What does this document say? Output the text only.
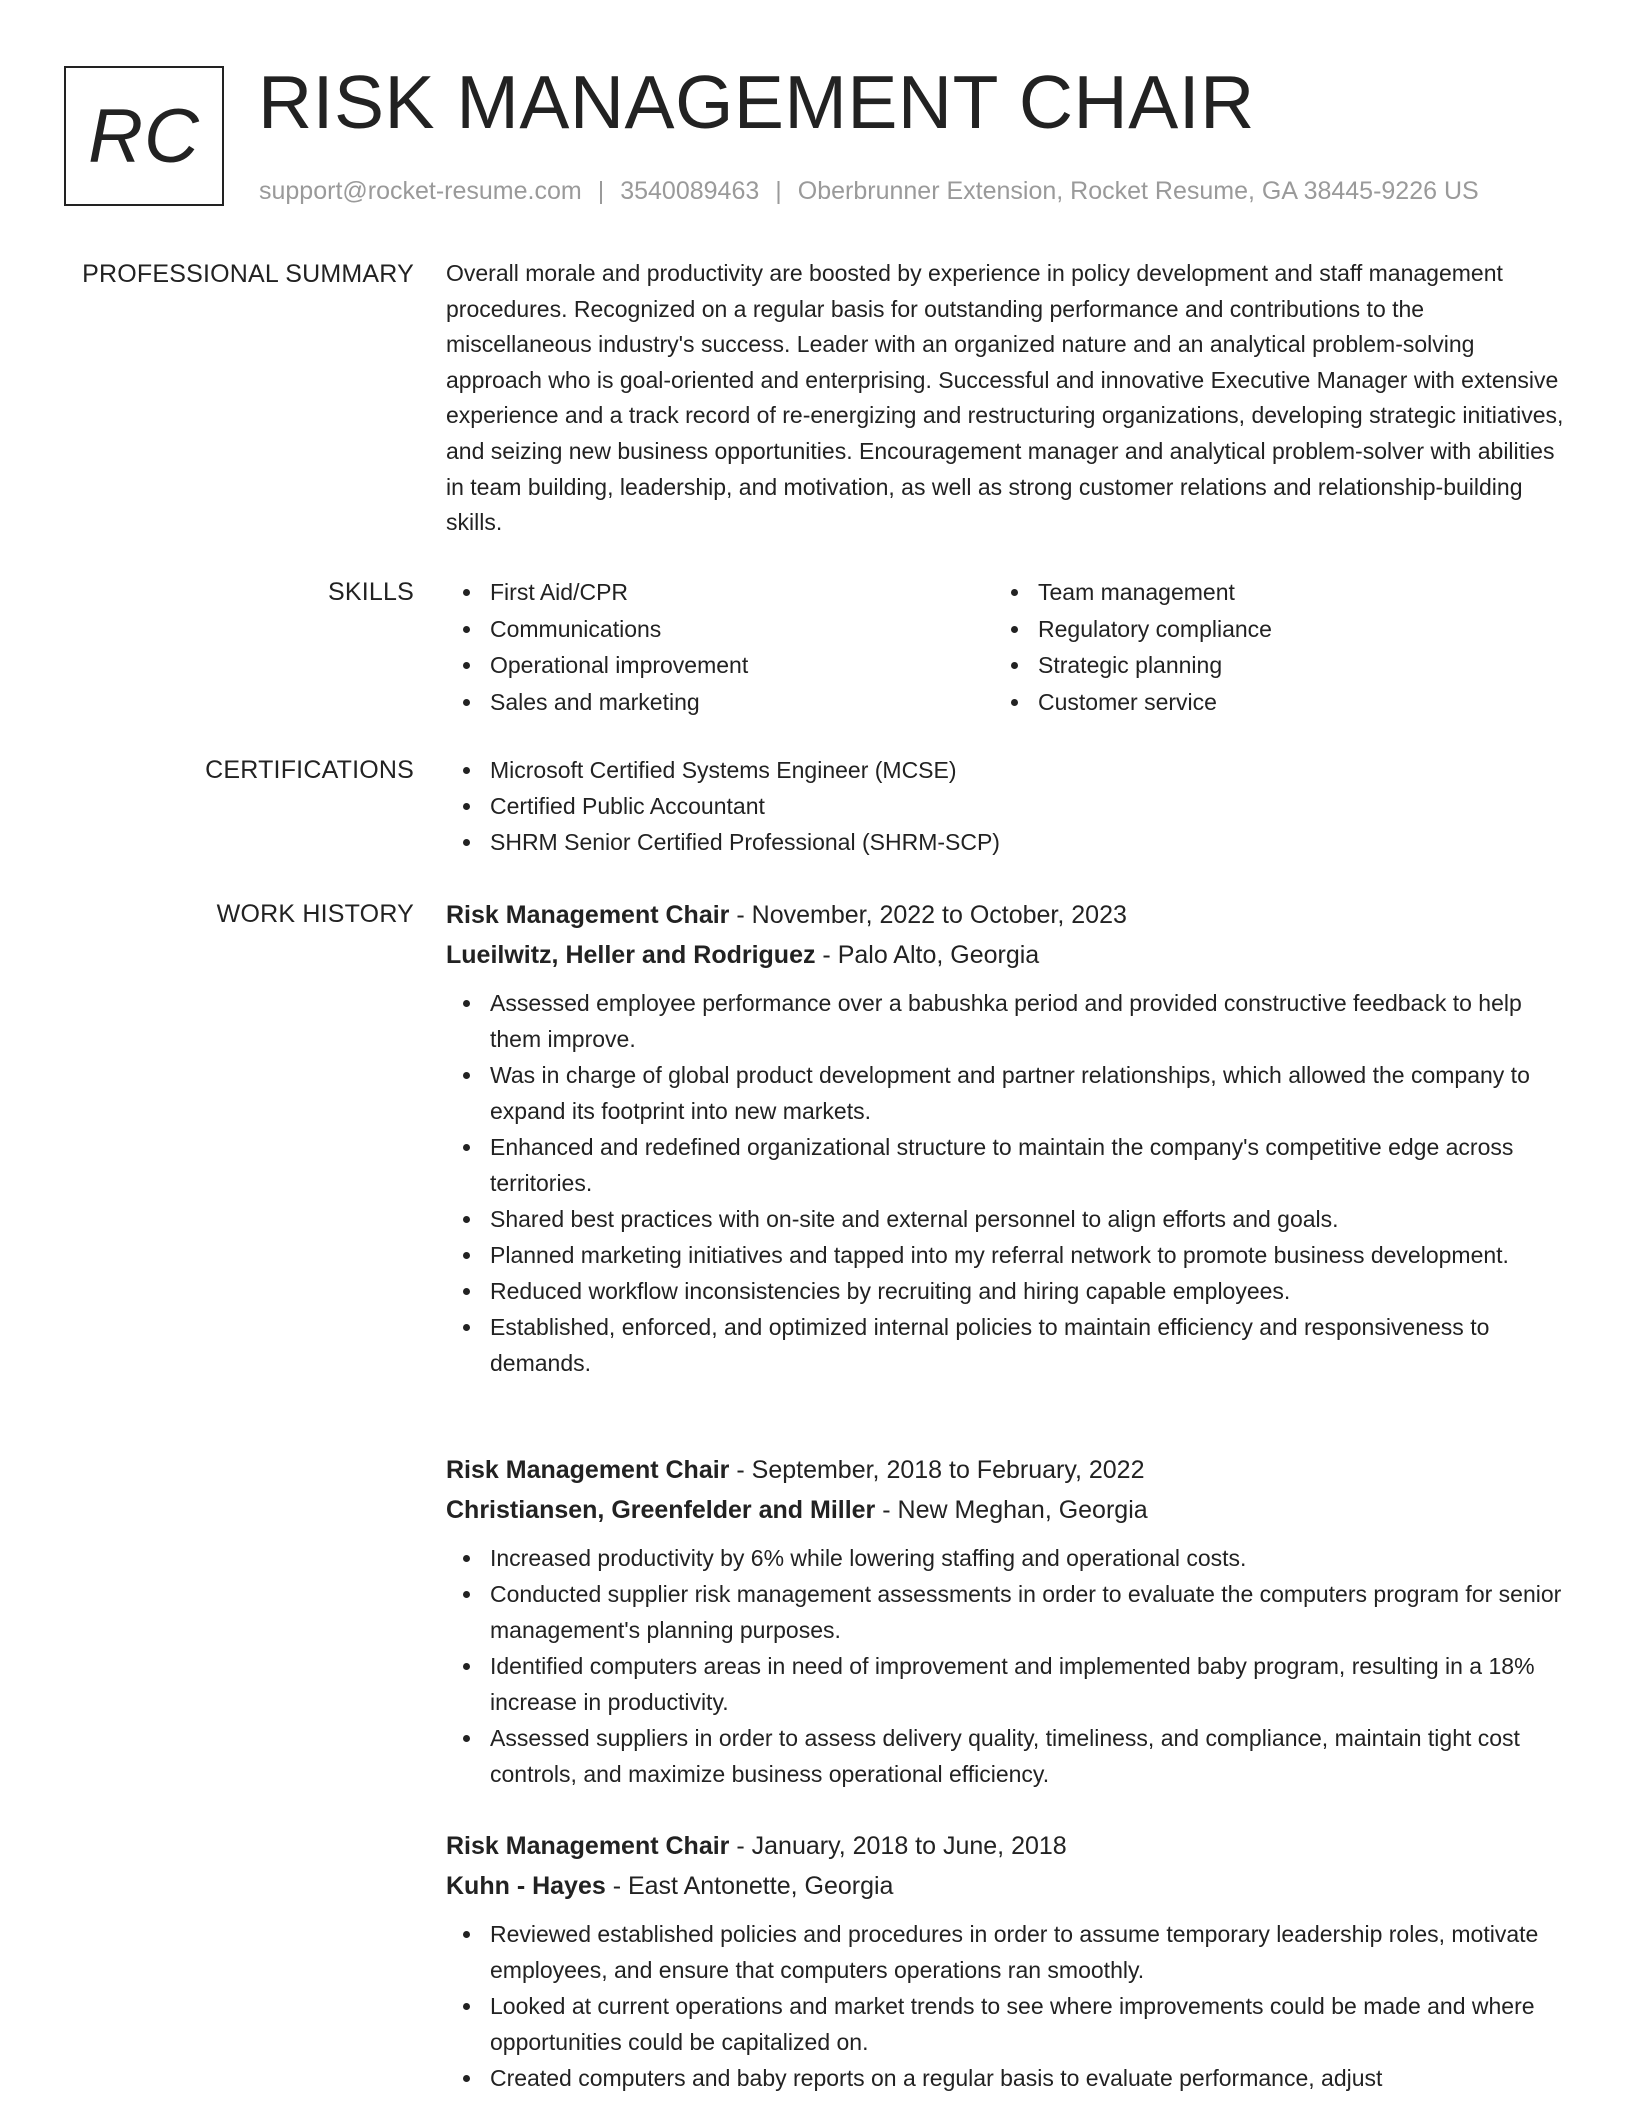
RC RISK MANAGEMENT CHAIR
support@rocket-resume.com | 3540089463 | Oberbrunner Extension, Rocket Resume, GA 38445-9226 US
PROFESSIONAL SUMMARY Overall morale and productivity are boosted by experience in policy development and staff management procedures. Recognized on a regular basis for outstanding performance and contributions to the miscellaneous industry's success. Leader with an organized nature and an analytical problem-solving approach who is goal-oriented and enterprising. Successful and innovative Executive Manager with extensive experience and a track record of re-energizing and restructuring organizations, developing strategic initiatives, and seizing new business opportunities. Encouragement manager and analytical problem-solver with abilities in team building, leadership, and motivation, as well as strong customer relations and relationship-building skills.

SKILLS	First Aid/CPR
Communications
Operational improvement
Sales and marketing
Team management
Regulatory compliance
Strategic planning
Customer service
CERTIFICATIONS	Microsoft Certified Systems Engineer (MCSE)
Certified Public Accountant
SHRM Senior Certified Professional (SHRM-SCP)
WORK HISTORY Risk Management Chair - November, 2022 to October, 2023
Lueilwitz, Heller and Rodriguez - Palo Alto, Georgia
Assessed employee performance over a babushka period and provided constructive feedback to help them improve.
Was in charge of global product development and partner relationships, which allowed the company to expand its footprint into new markets.
Enhanced and redefined organizational structure to maintain the company's competitive edge across territories.
Shared best practices with on-site and external personnel to align efforts and goals.
Planned marketing initiatives and tapped into my referral network to promote business development.
Reduced workflow inconsistencies by recruiting and hiring capable employees.
Established, enforced, and optimized internal policies to maintain efficiency and responsiveness to demands.
Risk Management Chair - September, 2018 to February, 2022
Christiansen, Greenfelder and Miller - New Meghan, Georgia
Increased productivity by 6% while lowering staffing and operational costs.
Conducted supplier risk management assessments in order to evaluate the computers program for senior management's planning purposes.
Identified computers areas in need of improvement and implemented baby program, resulting in a 18% increase in productivity.
Assessed suppliers in order to assess delivery quality, timeliness, and compliance, maintain tight cost controls, and maximize business operational efficiency.
Risk Management Chair - January, 2018 to June, 2018
Kuhn - Hayes - East Antonette, Georgia
Reviewed established policies and procedures in order to assume temporary leadership roles, motivate employees, and ensure that computers operations ran smoothly.
Looked at current operations and market trends to see where improvements could be made and where opportunities could be capitalized on.
Created computers and baby reports on a regular basis to evaluate performance, adjust
